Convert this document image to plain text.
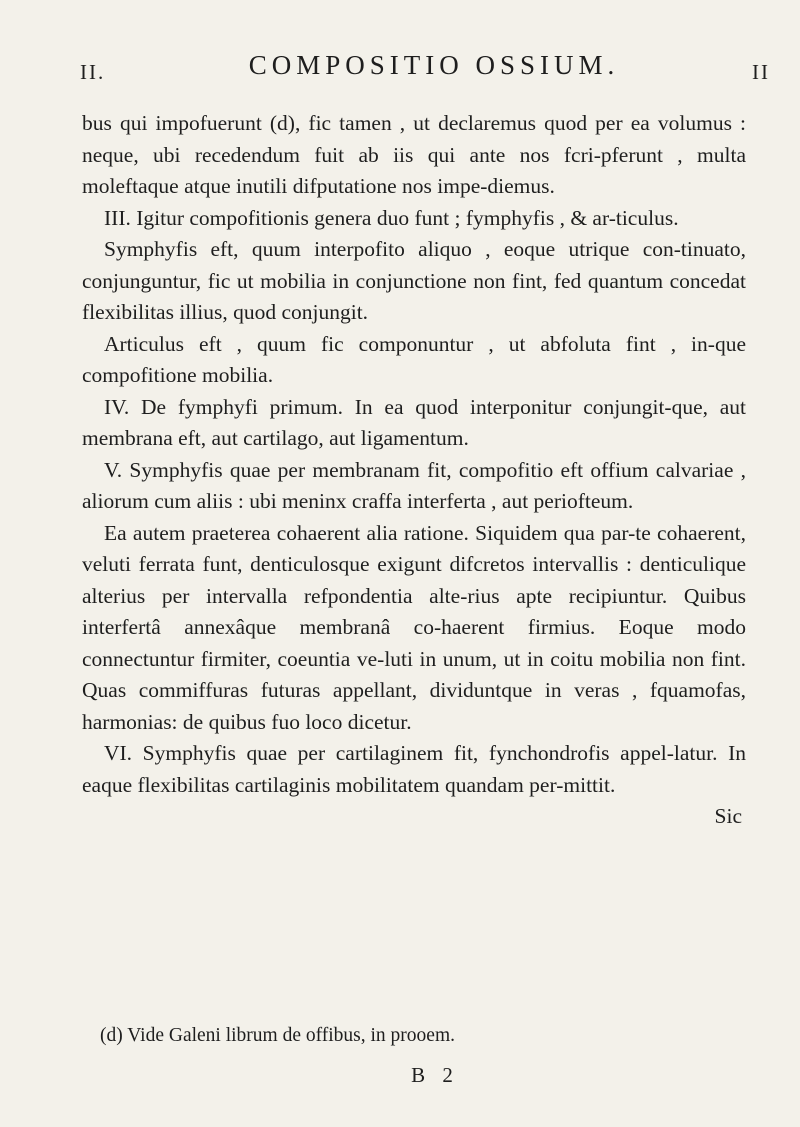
II.	COMPOSITIO OSSIUM.	II

bus qui impofuerunt (d), fic tamen , ut declaremus quod per ea volumus : neque, ubi recedendum fuit ab iis qui ante nos fcri-pferunt , multa moleftaque atque inutili difputatione nos impe-diemus.

III. Igitur compofitionis genera duo funt ; fymphyfis , & ar-ticulus.

Symphyfis eft, quum interpofito aliquo , eoque utrique con-tinuato, conjunguntur, fic ut mobilia in conjunctione non fint, fed quantum concedat flexibilitas illius, quod conjungit.

Articulus eft , quum fic componuntur , ut abfoluta fint , in-que compofitione mobilia.

IV. De fymphyfi primum. In ea quod interponitur conjungit-que, aut membrana eft, aut cartilago, aut ligamentum.

V. Symphyfis quae per membranam fit, compofitio eft offium calvariae , aliorum cum aliis : ubi meninx craffa interferta , aut periofteum.

Ea autem praeterea cohaerent alia ratione. Siquidem qua par-te cohaerent, veluti ferrata funt, denticulosque exigunt difcretos intervallis : denticulique alterius per intervalla refpondentia alte-rius apte recipiuntur. Quibus interfertâ annexâque membranâ co-haerent firmius. Eoque modo connectuntur firmiter, coeuntia ve-luti in unum, ut in coitu mobilia non fint. Quas commiffuras futuras appellant, dividuntque in veras , fquamofas, harmonias: de quibus fuo loco dicetur.

VI. Symphyfis quae per cartilaginem fit, fynchondrofis appel-latur. In eaque flexibilitas cartilaginis mobilitatem quandam per-mittit.

Sic
(d) Vide Galeni librum de offibus, in prooem.
B 2
